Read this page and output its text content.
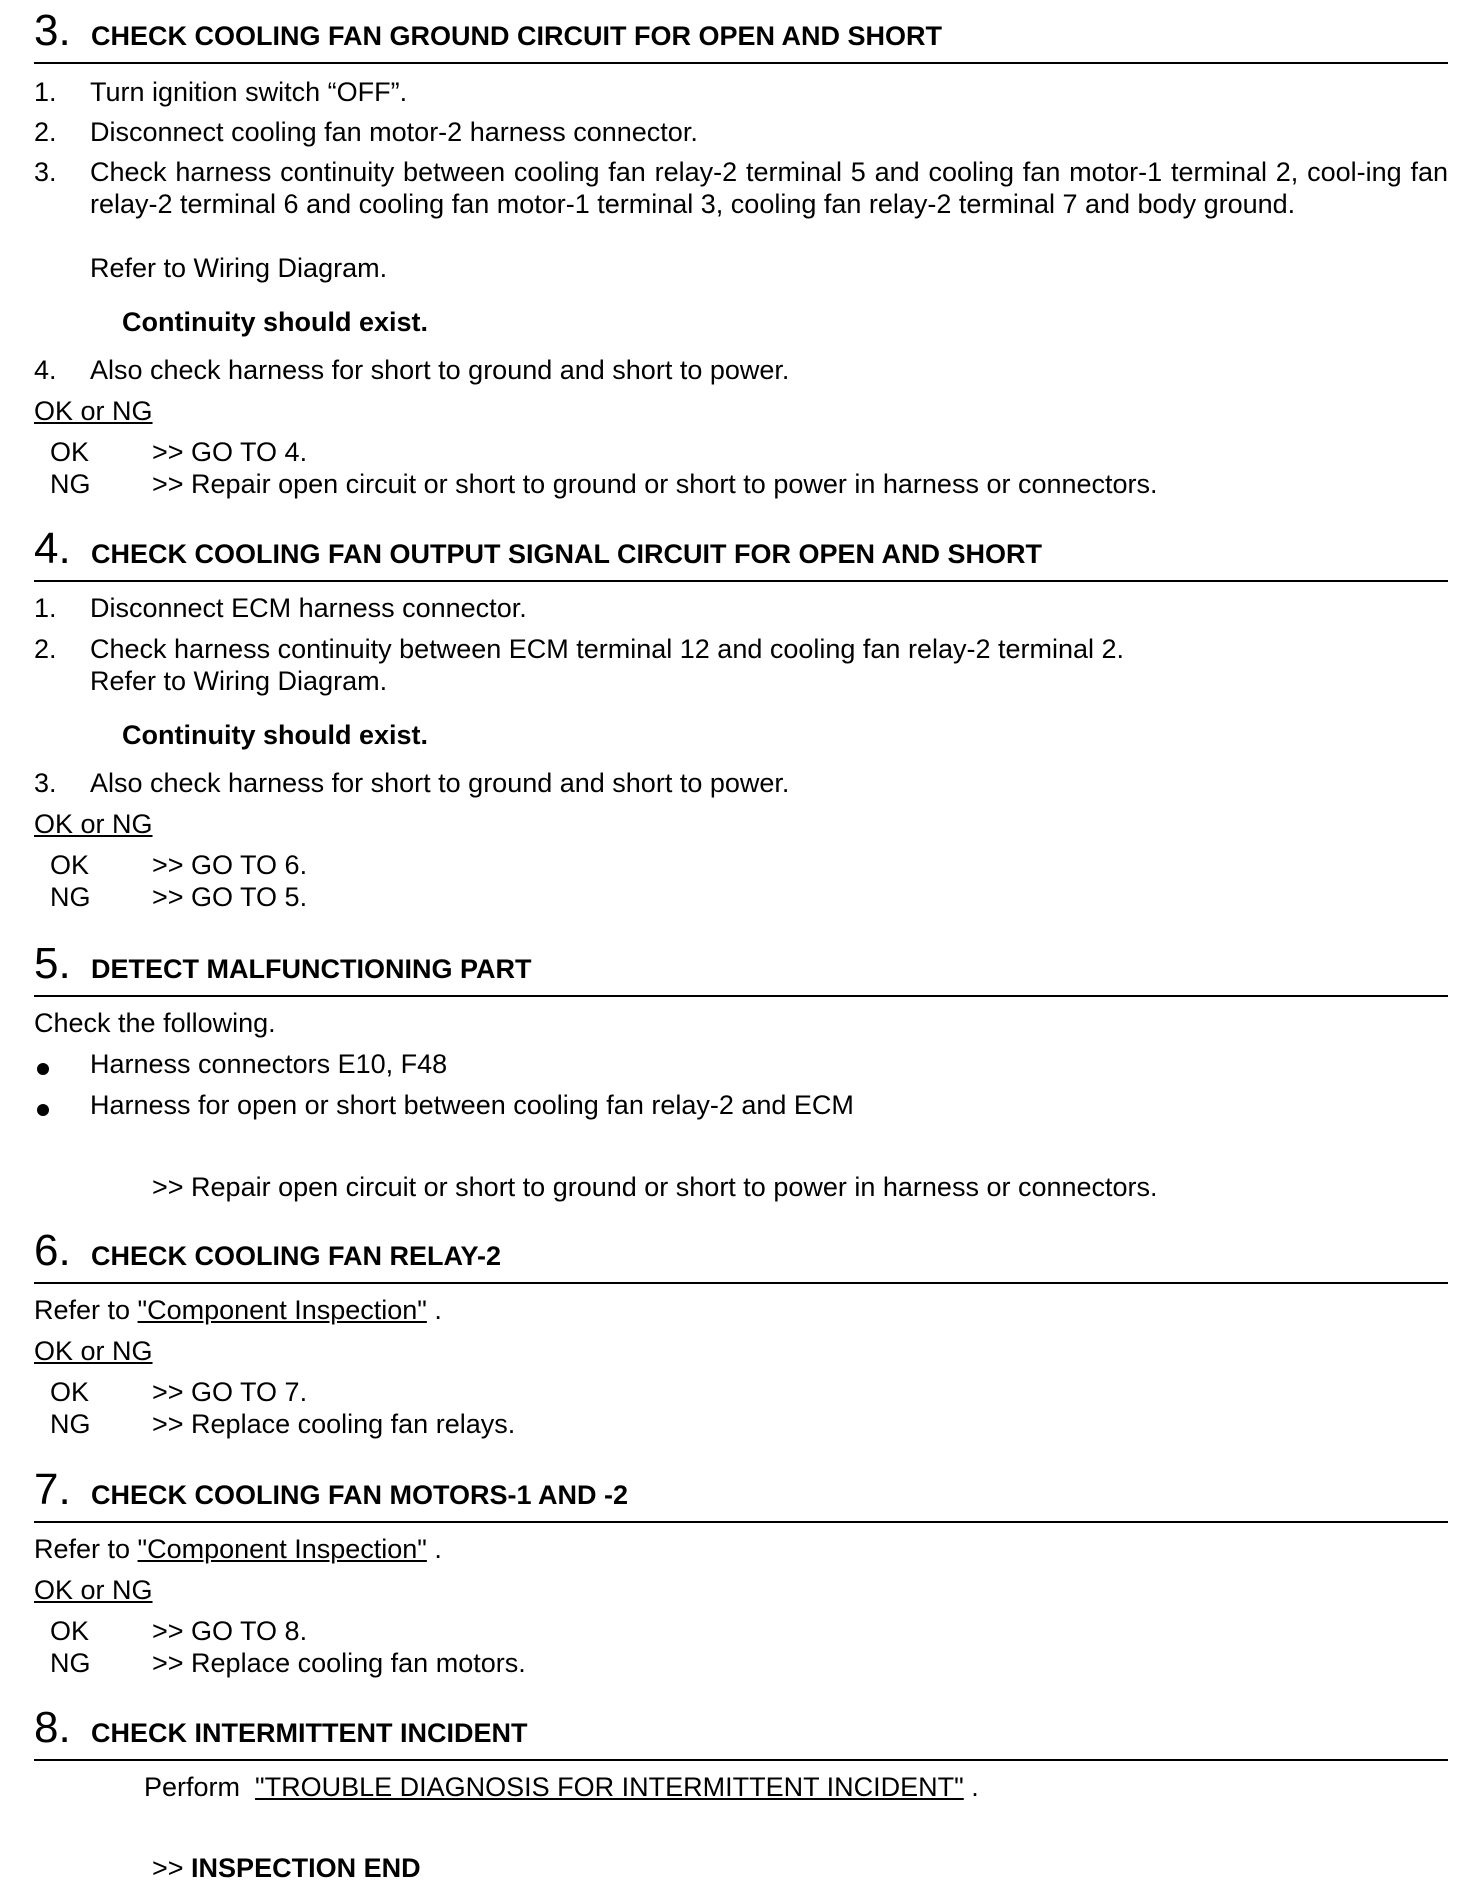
3. CHECK COOLING FAN GROUND CIRCUIT FOR OPEN AND SHORT
1. Turn ignition switch “OFF”.
2. Disconnect cooling fan motor-2 harness connector.
3. Check harness continuity between cooling fan relay-2 terminal 5 and cooling fan motor-1 terminal 2, cool-ing fan relay-2 terminal 6 and cooling fan motor-1 terminal 3, cooling fan relay-2 terminal 7 and body ground.
Refer to Wiring Diagram.
Continuity should exist.
4. Also check harness for short to ground and short to power.
OK or NG
OK >> GO TO 4.
NG >> Repair open circuit or short to ground or short to power in harness or connectors.
4. CHECK COOLING FAN OUTPUT SIGNAL CIRCUIT FOR OPEN AND SHORT
1. Disconnect ECM harness connector.
2. Check harness continuity between ECM terminal 12 and cooling fan relay-2 terminal 2.
Refer to Wiring Diagram.
Continuity should exist.
3. Also check harness for short to ground and short to power.
OK or NG
OK >> GO TO 6.
NG >> GO TO 5.
5. DETECT MALFUNCTIONING PART
Check the following.
Harness connectors E10, F48
Harness for open or short between cooling fan relay-2 and ECM
>> Repair open circuit or short to ground or short to power in harness or connectors.
6. CHECK COOLING FAN RELAY-2
Refer to "Component Inspection" .
OK or NG
OK >> GO TO 7.
NG >> Replace cooling fan relays.
7. CHECK COOLING FAN MOTORS-1 AND -2
Refer to "Component Inspection" .
OK or NG
OK >> GO TO 8.
NG >> Replace cooling fan motors.
8. CHECK INTERMITTENT INCIDENT
Perform  "TROUBLE DIAGNOSIS FOR INTERMITTENT INCIDENT" .
>> INSPECTION END
